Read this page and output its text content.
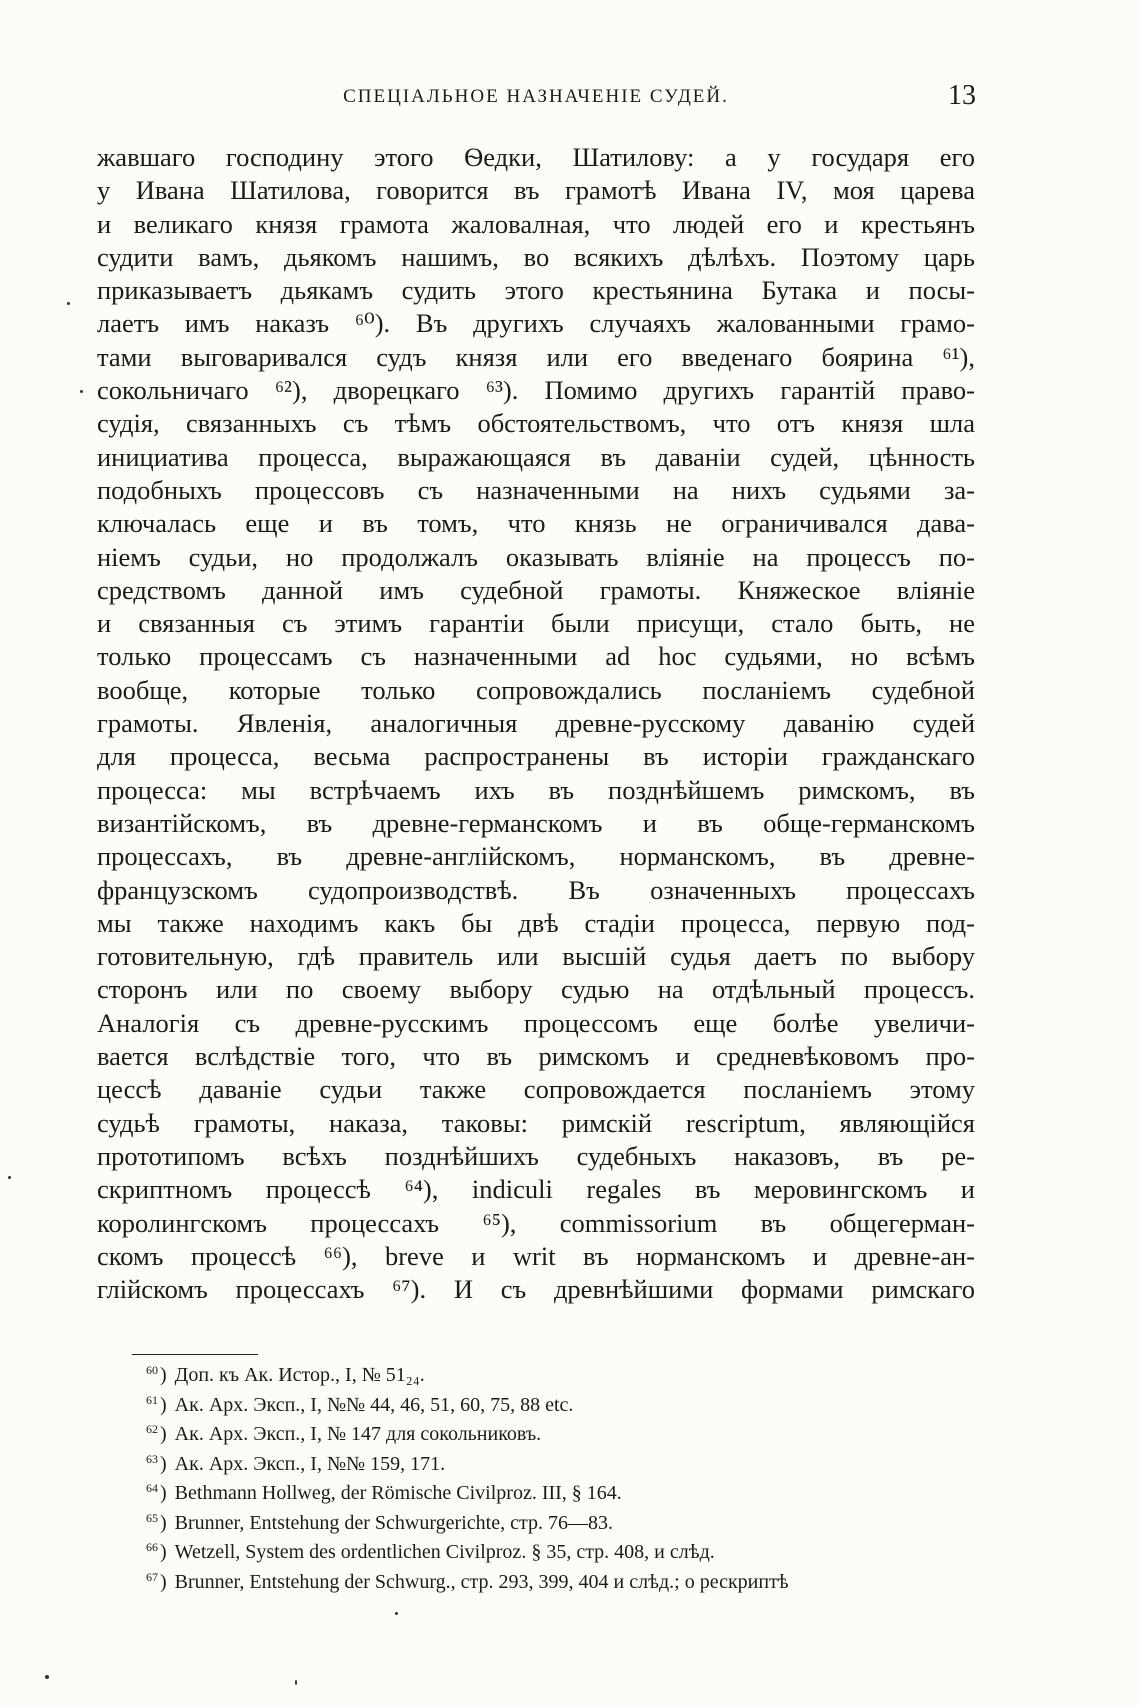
СПЕЦІАЛЬНОЕ НАЗНАЧЕНІЕ СУДЕЙ.	13
жавшаго господину этого Ѳедки, Шатилову: а у государя его
у Ивана Шатилова, говорится въ грамотѣ Ивана IV, моя царева
и великаго князя грамота жаловалная, что людей его и крестьянъ
судити вамъ, дьякомъ нашимъ, во всякихъ дѣлѣхъ. Поэтому царь
приказываетъ дьякамъ судить этого крестьянина Бутака и посы-
лаетъ имъ наказъ ⁶⁰). Въ другихъ случаяхъ жалованными грамо-
тами выговаривался судъ князя или его введенаго боярина ⁶¹),
сокольничаго ⁶²), дворецкаго ⁶³). Помимо другихъ гарантій право-
судія, связанныхъ съ тѣмъ обстоятельствомъ, что отъ князя шла
инициатива процесса, выражающаяся въ даваніи судей, цѣнность
подобныхъ процессовъ съ назначенными на нихъ судьями за-
ключалась еще и въ томъ, что князь не ограничивался дава-
ніемъ судьи, но продолжалъ оказывать вліяніе на процессъ по-
средствомъ данной имъ судебной грамоты. Княжеское вліяніе
и связанныя съ этимъ гарантіи были присущи, стало быть, не
только процессамъ съ назначенными ad hoc судьями, но всѣмъ
вообще, которые только сопровождались посланіемъ судебной
грамоты. Явленія, аналогичныя древне-русскому даванію судей
для процесса, весьма распространены въ исторіи гражданскаго
процесса: мы встрѣчаемъ ихъ въ позднѣйшемъ римскомъ, въ
византійскомъ, въ древне-германскомъ и въ обще-германскомъ
процессахъ, въ древне-англійскомъ, норманскомъ, въ древне-
французскомъ судопроизводствѣ. Въ означенныхъ процессахъ
мы также находимъ какъ бы двѣ стадіи процесса, первую под-
готовительную, гдѣ правитель или высшій судья даетъ по выбору
сторонъ или по своему выбору судью на отдѣльный процессъ.
Аналогія съ древне-русскимъ процессомъ еще болѣе увеличи-
вается вслѣдствіе того, что въ римскомъ и средневѣковомъ про-
цессѣ даваніе судьи также сопровождается посланіемъ этому
судьѣ грамоты, наказа, таковы: римскій rescriptum, являющійся
прототипомъ всѣхъ позднѣйшихъ судебныхъ наказовъ, въ ре-
скриптномъ процессѣ ⁶⁴), indiculi regales въ меровингскомъ и
королингскомъ процессахъ ⁶⁵), commissorium въ общегерман-
скомъ процессѣ ⁶⁶), breve и writ въ норманскомъ и древне-ан-
глійскомъ процессахъ ⁶⁷). И съ древнѣйшими формами римскаго
$^{60}$ ) Доп. къ Ак. Истор., I, № 51₂₄.
$^{61}$ ) Ак. Арх. Эксп., I, №№ 44, 46, 51, 60, 75, 88 etc.
$^{62}$ ) Ак. Арх. Эксп., I, № 147 для сокольниковъ.
$^{63}$ ) Ак. Арх. Эксп., I, №№ 159, 171.
$^{64}$ ) Bethmann Hollweg, der Römische Civilproz. III, § 164.
$^{65}$ ) Brunner, Entstehung der Schwurgerichte, стр. 76—83.
$^{66}$ ) Wetzell, System des ordentlichen Civilproz. § 35, стр. 408, и слѣд.
$^{67}$ ) Brunner, Entstehung der Schwurg., стр. 293, 399, 404 и слѣд.; о рескриптѣ
